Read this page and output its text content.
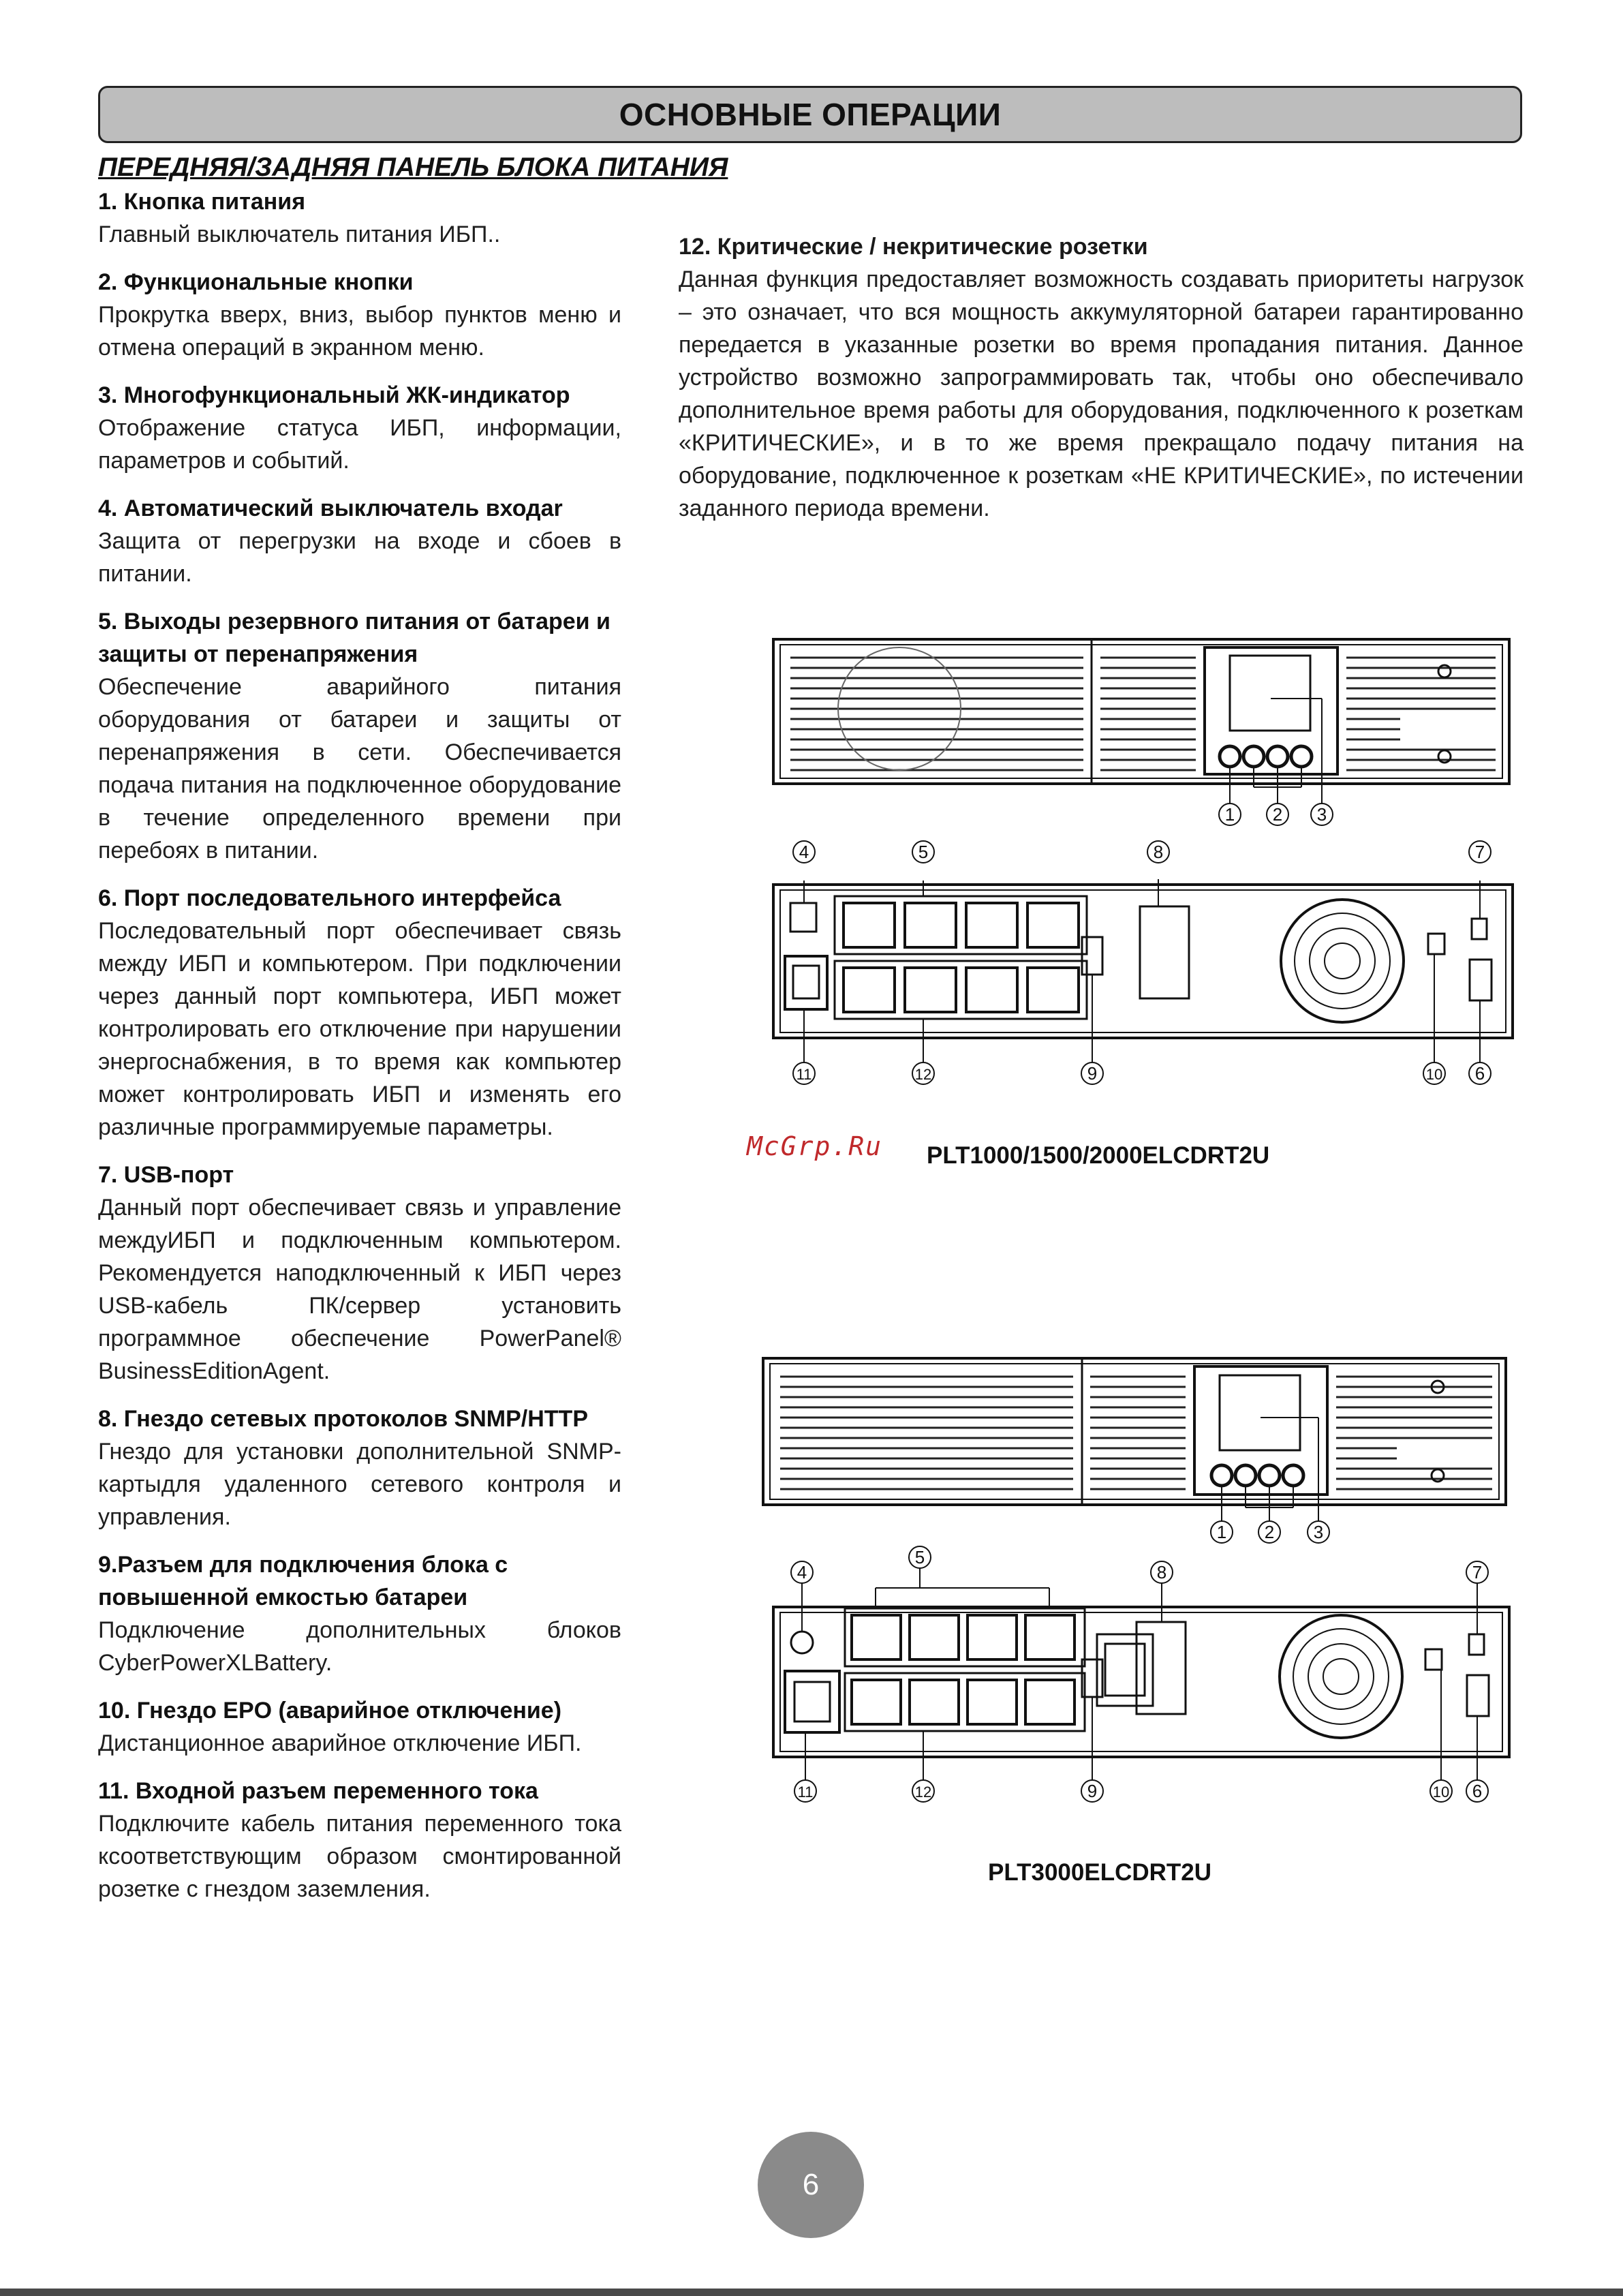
ОСНОВНЫЕ ОПЕРАЦИИ
ПЕРЕДНЯЯ/ЗАДНЯЯ ПАНЕЛЬ БЛОКА ПИТАНИЯ
1. Кнопка питания

Главный выключатель питания ИБП..

2. Функциональные кнопки

Прокрутка вверх, вниз, выбор пунктов меню и отмена операций в экранном меню.

3. Многофункциональный ЖК-индикатор

Отображение статуса ИБП, информации, параметров и событий.

4. Автоматический выключатель входаr

Защита от перегрузки на входе и сбоев в питании.

5. Выходы резервного питания от батареи и защиты от перенапряжения

Обеспечение аварийного питания оборудования от батареи и защиты от перенапряжения в сети. Обеспечивается подача питания на подключенное оборудование в течение определенного времени при перебоях в питании.

6. Порт последовательного интерфейса

Последовательный порт обеспечивает связь между ИБП и компьютером. При подключении через данный порт компьютера, ИБП может контролировать его отключение при нарушении энергоснабжения, в то время как компьютер может контролировать ИБП и изменять его различные программируемые параметры.

7. USB-порт

Данный порт обеспечивает связь и управление междуИБП и подключенным компьютером. Рекомендуется наподключенный к ИБП через USB-кабель ПК/сервер установить программное обеспечение PowerPanel® BusinessEditionAgent.

8. Гнездо сетевых протоколов SNMP/HTTP

Гнездо для установки дополнительной SNMP-картыдля удаленного сетевого контроля и управления.

9.Разъем для подключения блока с повышенной емкостью батареи

Подключение дополнительных блоков CyberPowerXLBattery.

10. Гнездо EPO (аварийное отключение)

Дистанционное аварийное отключение ИБП.

11. Входной разъем переменного тока

Подключите кабель питания переменного тока ксоответствующим образом смонтированной розетке с гнездом заземления.

12. Критические / некритические розетки

Данная функция предоставляет возможность создавать приоритеты нагрузок – это означает, что вся мощность аккумуляторной батареи гарантированно передается в указанные розетки во время пропадания питания. Данное устройство возможно запрограммировать так, чтобы оно обеспечивало дополнительное время работы для оборудования, подключенного к розеткам «КРИТИЧЕСКИЕ», и в то же время прекращало подачу питания на оборудование, подключенное к розеткам «НЕ КРИТИЧЕСКИЕ», по истечении заданного периода времени.

1 2 3
4	5	8	7
11	12	9	10 6
McGrp.Ru PLT1000/1500/2000ELCDRT2U
1 2 3
4
5
8	7
11	12	9	10 6
PLT3000ELCDRT2U
6
